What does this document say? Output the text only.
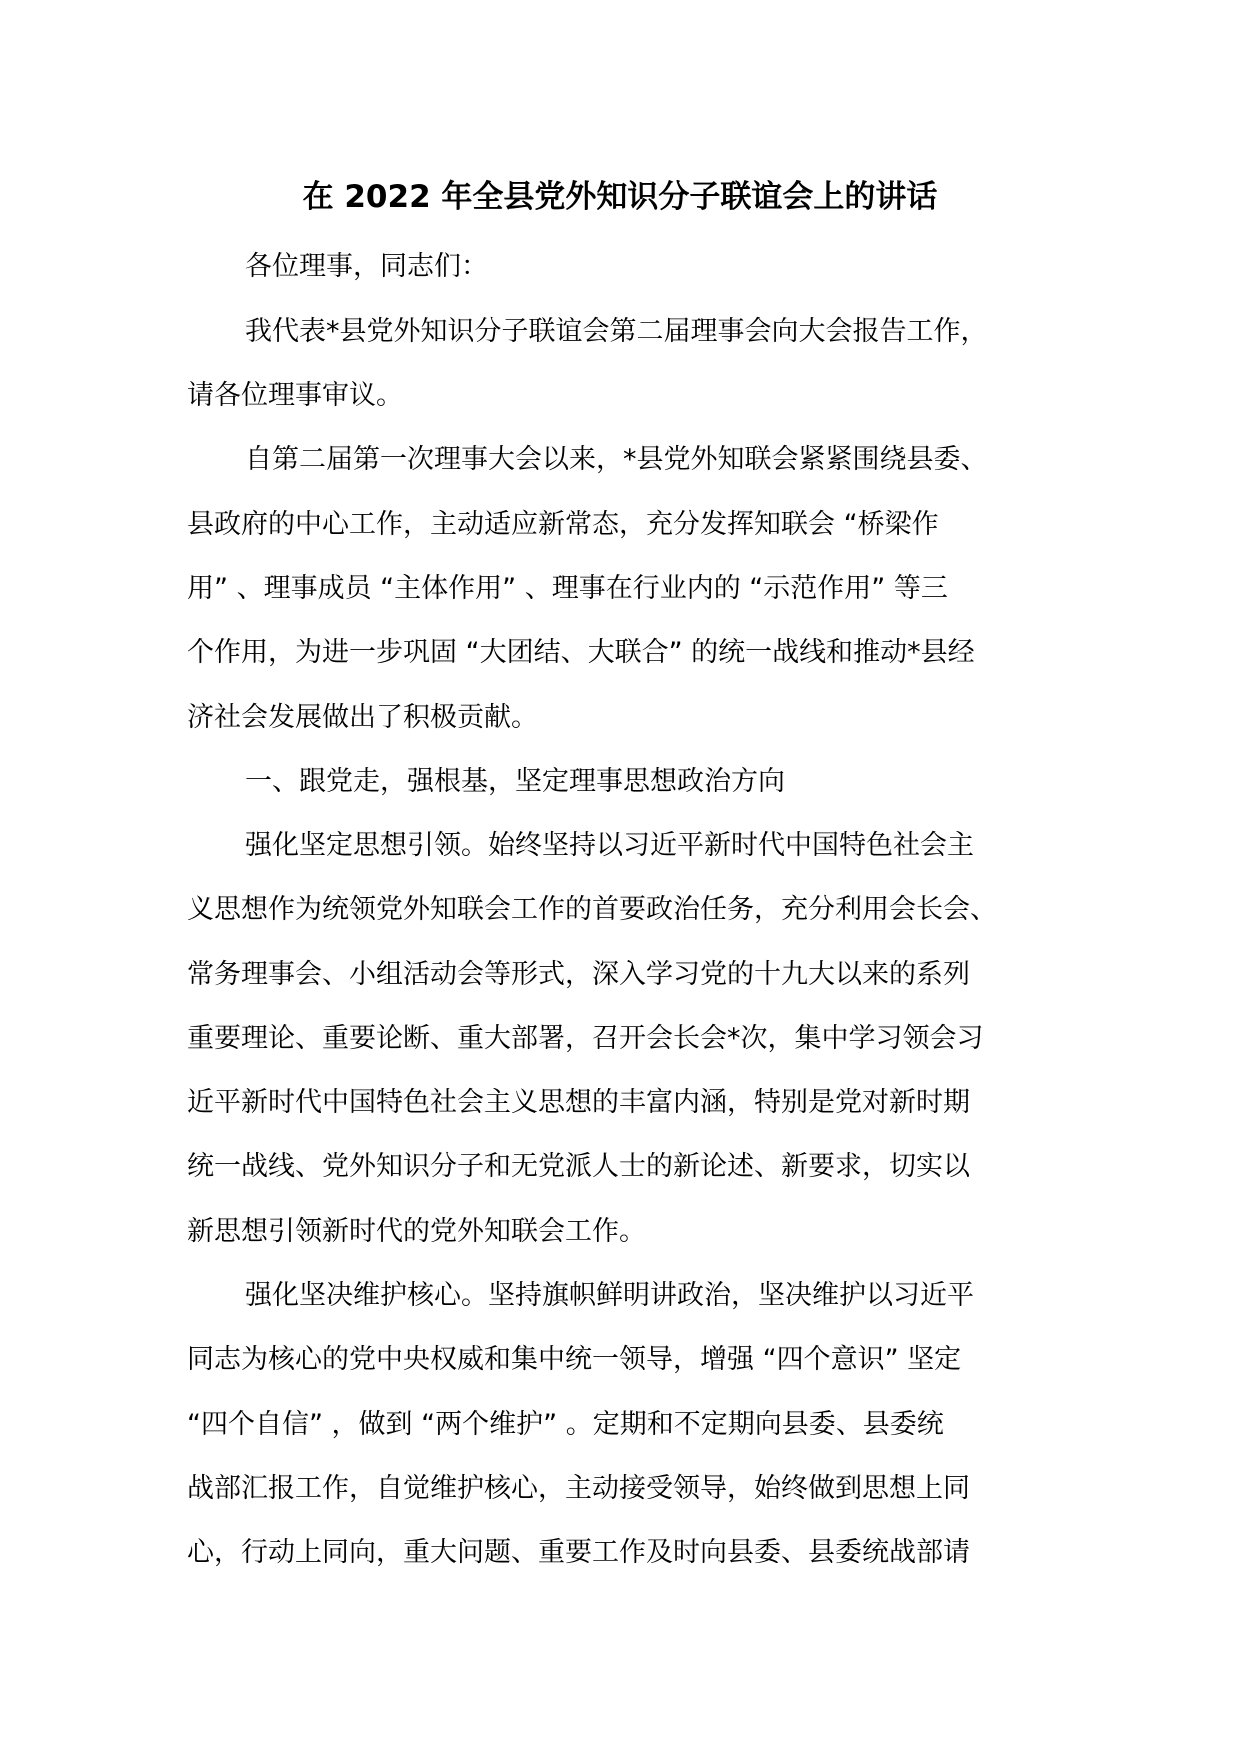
在 2022 年全县党外知识分子联谊会上的讲话

各位理事，同志们：

我代表*县党外知识分子联谊会第二届理事会向大会报告工作，

请各位理事审议。

自第二届第一次理事大会以来，*县党外知联会紧紧围绕县委、

县政府的中心工作，主动适应新常态，充分发挥知联会 “桥梁作

用” 、理事成员 “主体作用” 、理事在行业内的 “示范作用” 等三

个作用，为进一步巩固 “大团结、大联合” 的统一战线和推动*县经

济社会发展做出了积极贡献。

一、跟党走，强根基，坚定理事思想政治方向

强化坚定思想引领。始终坚持以习近平新时代中国特色社会主

义思想作为统领党外知联会工作的首要政治任务，充分利用会长会、

常务理事会、小组活动会等形式，深入学习党的十九大以来的系列

重要理论、重要论断、重大部署，召开会长会*次，集中学习领会习

近平新时代中国特色社会主义思想的丰富内涵，特别是党对新时期

统一战线、党外知识分子和无党派人士的新论述、新要求，切实以

新思想引领新时代的党外知联会工作。

强化坚决维护核心。坚持旗帜鲜明讲政治，坚决维护以习近平

同志为核心的党中央权威和集中统一领导，增强 “四个意识” 坚定

“四个自信” ，做到 “两个维护” 。定期和不定期向县委、县委统

战部汇报工作，自觉维护核心，主动接受领导，始终做到思想上同

心，行动上同向，重大问题、重要工作及时向县委、县委统战部请
